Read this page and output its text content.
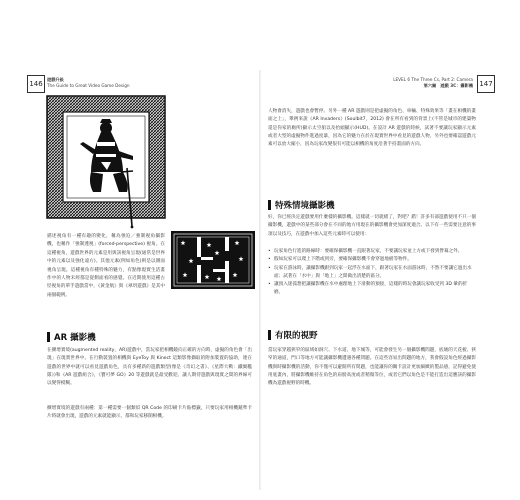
146
遊戲升級
The Guide to Great Video Game Design
LEVEL 6 The Three Cs, Part 2: Camera
第六關　遊戲 3C：攝影機 147
描述視角有一種有趣的變化，稱為強迫／強制視角攝影機，也稱作「強制透視」(forced-perspective) 視角。在這種視角，遊戲世界的元素是用與該視角呈現(通常是世界中的元素以及強化遠方)。其他元素(例如角色)則是以側面視角呈現。這種視角有種特殊的魅力，有點像現實生活畫作中的人物未經都是從側面看的感覺。在近期使用這種古怪視角的單手遊戲當中，《黃金航》與《翠玥遊戲》是其中兩個範例。
AR 攝影機
在擴增實境(augmented reality，AR)遊戲中，當玩家把相機鏡向正確的方向時，虛擬的角色會「出現」在現實世界中。在行動裝置的相機與 EyeToy 與 Kinect 這類影像擷取的附加裝置的協助，連在遊戲的世界中就可以看見遊戲角色，具有多種新的遊戲類型(像是《奇幻之書》、《星際大戰：鐵翼艦隊》)和《AR 遊戲組合》，《寶可夢 GO》20 等遊戲就是最受歡迎、讓人期待遊戲與現實之間的界線可以變得模糊。
擴增實境的遊戲有兩種：第一種需要一個類似 QR Code 的印刷卡片貼標籤，只要玩家用相機鏡準卡片時就會出現，遊戲的元素就能顯示，都和玩家移開相機。
人物會消失，遊戲也會暫停。另外一種 AR 遊戲則是把虛擬的角色、車輛、特殊效果等「畫在相機的畫面之上」，舉例來說《AR Invaders》(Soulbit7，2012) 會在所有看到的背景上(不管是城市的建築物還是你家的廁所)顯示太空船以及抬頭顯示(HUD)。在設計 AR 遊戲的時候，試著不要讓玩家顯示元素或者大型的虛擬物件進過度暴，因為它的魅力在於在現實世界中看見的遊戲人物，另外也要確認遊戲元素可以放大縮小，因為玩家改變很有可能以相機的角度沿著手持畫面的方向。
特殊情境攝影機
好，你已經決定遊戲要用什麼樣的攝影機。這樣就一切就緒了，對吧？錯！許多有部遊戲使用不只一個攝影機，遊戲中的某些部分會在不同的地方用現在的攝影機會更加深度適合。以下有一些需要注意的事項以及技巧，在遊戲中加入這些元素時可以使用：
• 玩家角色行進的路線時：要確保攝影機一直跟著玩家，不要讓玩家並上方或下發到營幕之外。
• 假如玩家可以爬上下階或到旁，要確保攝影機不會穿過地板等物件。
• 玩家在游泳時，讓攝影機跟到玩家一起浮在水面下，跟著玩家在水面游泳時，不然不要讓它過出水面；試著在「水中」與「地上」之間做出清楚的區分。
• 讓預入迷孤想把讓攝影機在水中處理地上下滑動的預接，這樣的時玩會讓玩家收受到 3D 暈的折磨。
有限的視野
當玩家穿越狹窄的區域如洞穴、下水道、地下城等，可能會發生另一個攝影機問題，底壞的天花板、狹窄的通道，門口等地方可能讓攝影機遭遇各種問題。在這些容易出問題的地方，我會假設角色經過攝影機與時攝影機的活動，你不僅可以避開所有問題，也能讓你的關卡設計更加細緻的製品感，記得避免使用底畫內，將攝影機維持在角色的肩膀高度或者稍微等位，或者它們以角色是不能打造出這應該的攝影機為遊戲視野的時機。
